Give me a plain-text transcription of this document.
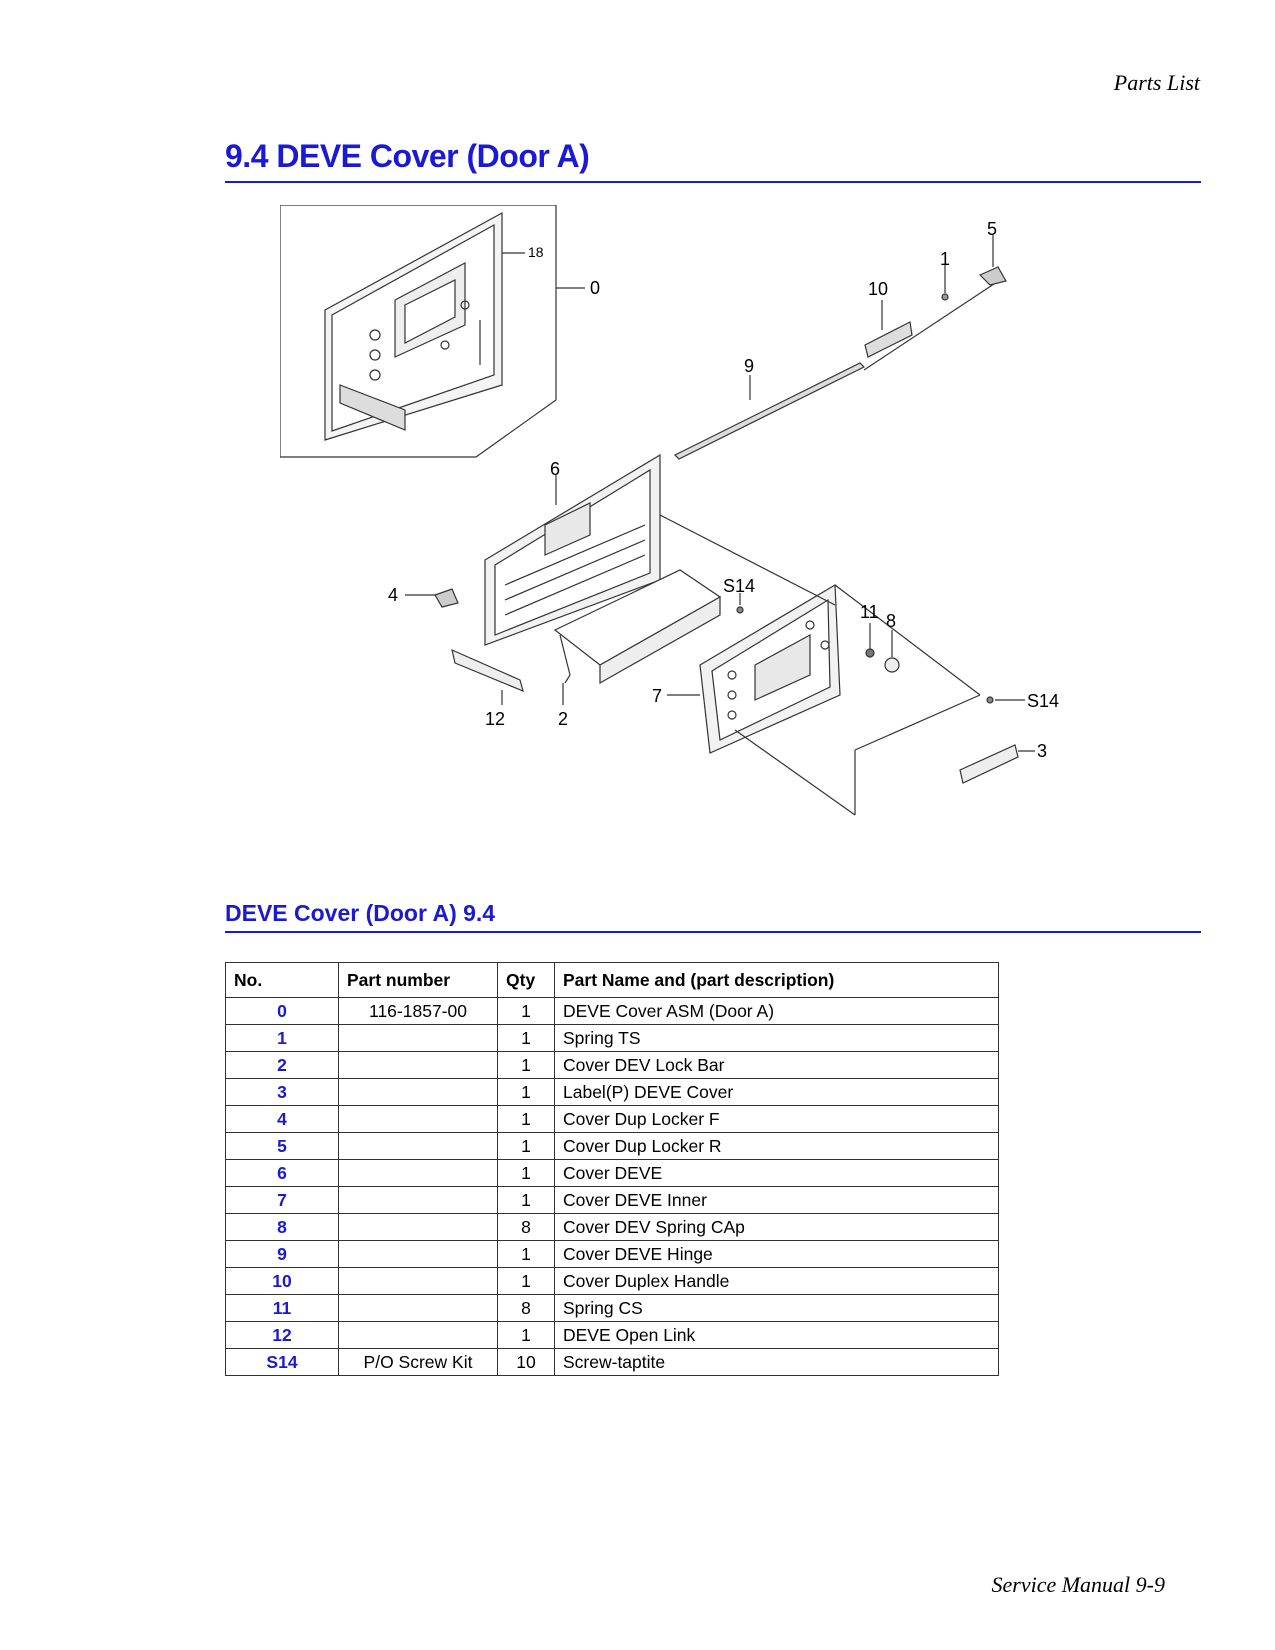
Parts List
9.4 DEVE Cover (Door A)
0
1
2
3
4
5
6
7
8
9
10
11
12
18
S14
S14
DEVE Cover (Door A) 9.4
No.	Part number	Qty	Part Name and (part description)
0	116-1857-00	1	DEVE Cover ASM (Door A)
1		1	Spring TS
2		1	Cover DEV Lock Bar
3		1	Label(P) DEVE Cover
4		1	Cover Dup Locker F
5		1	Cover Dup Locker R
6		1	Cover DEVE
7		1	Cover DEVE Inner
8		8	Cover DEV Spring CAp
9		1	Cover DEVE Hinge
10		1	Cover Duplex Handle
11		8	Spring CS
12		1	DEVE Open Link
S14	P/O Screw Kit	10	Screw-taptite
Service Manual 9-9
